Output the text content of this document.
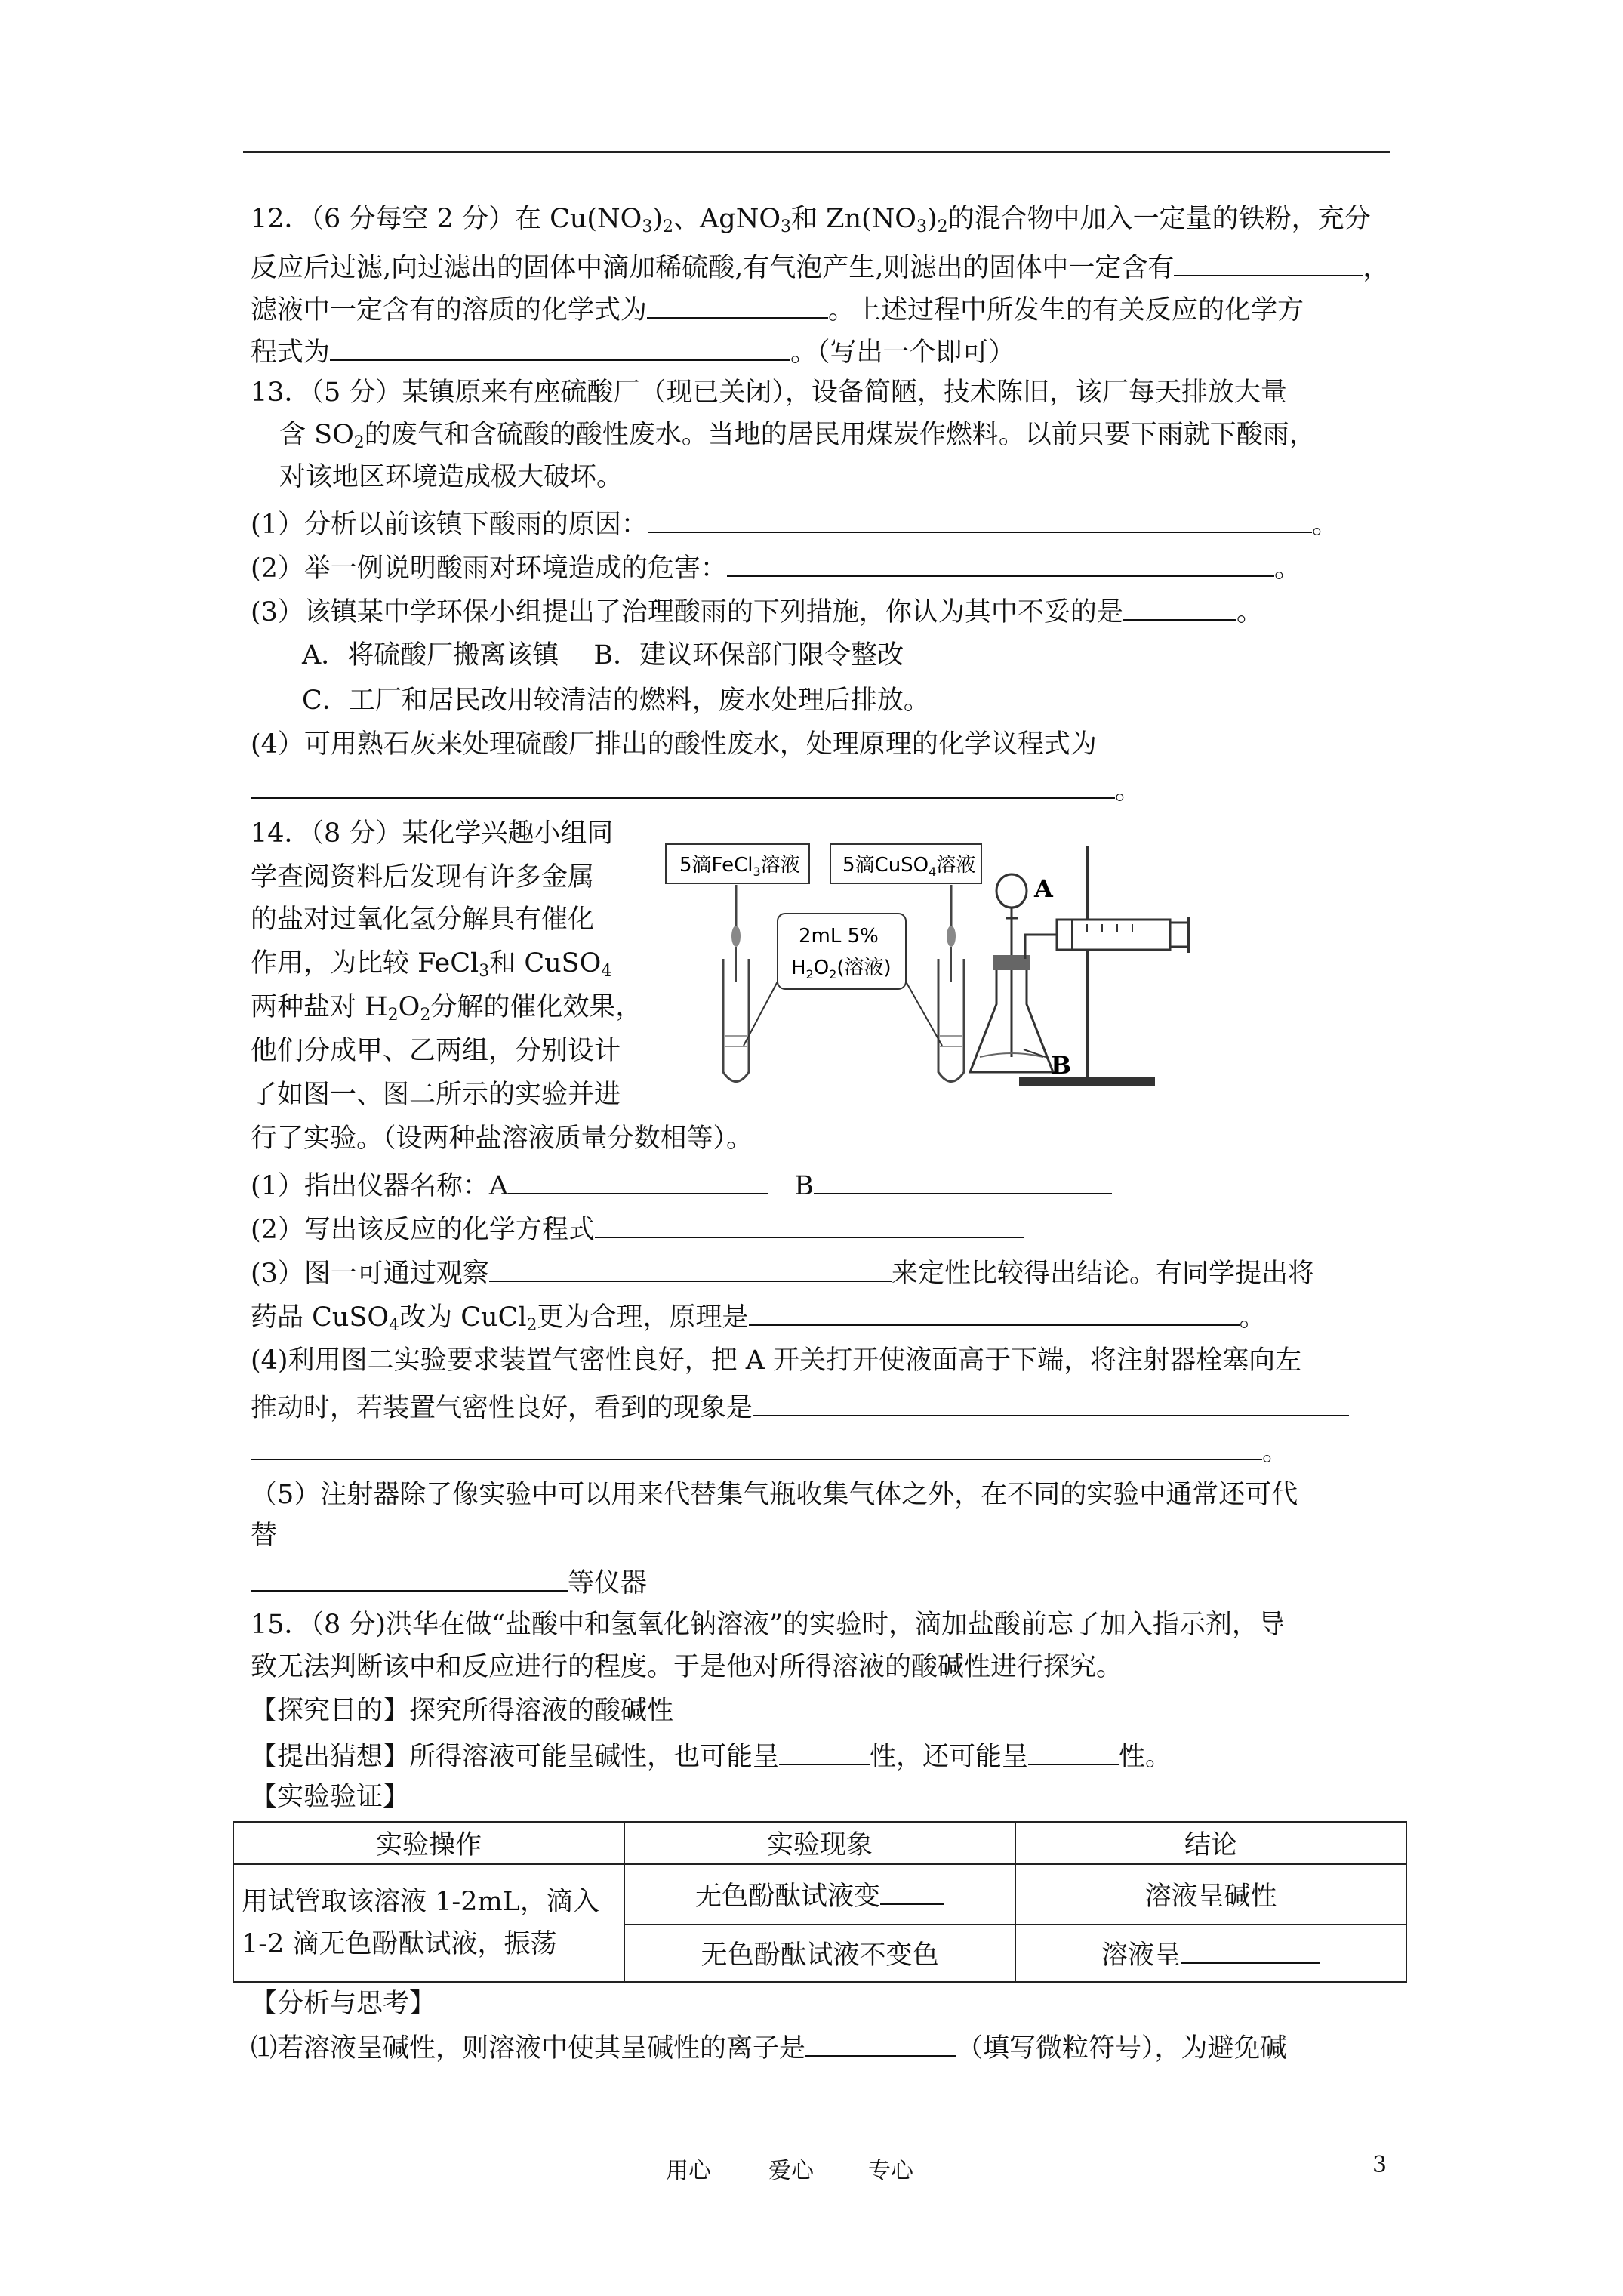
12．（6 分每空 2 分）在 $Cu(NO_3)_2$、AgNO$_3$和 $Zn(NO_3)_2$的混合物中加入一定量的铁粉，充分
反应后过滤,向过滤出的固体中滴加稀硫酸,有气泡产生,则滤出的固体中一定含有	，
滤液中一定含有的溶质的化学式为	。上述过程中所发生的有关反应的化学方
程式为	。（写出一个即可）
13．（5 分）某镇原来有座硫酸厂（现已关闭），设备简陋，技术陈旧，该厂每天排放大量
含 $SO_2$的废气和含硫酸的酸性废水。当地的居民用煤炭作燃料。以前只要下雨就下酸雨，
对该地区环境造成极大破坏。
(1）分析以前该镇下酸雨的原因：	。
(2）举一例说明酸雨对环境造成的危害：	。
(3）该镇某中学环保小组提出了治理酸雨的下列措施，你认为其中不妥的是	。
A．将硫酸厂搬离该镇　 B．建议环保部门限令整改
C．工厂和居民改用较清洁的燃料，废水处理后排放。
(4）可用熟石灰来处理硫酸厂排出的酸性废水，处理原理的化学议程式为
。
14．（8 分）某化学兴趣小组同
学查阅资料后发现有许多金属
的盐对过氧化氢分解具有催化
作用，为比较 FeCl$_3$和 CuSO$_4$
两种盐对 $H_2O_2$分解的催化效果，
他们分成甲、乙两组，分别设计
了如图一、图二所示的实验并进
行了实验。（设两种盐溶液质量分数相等）。
5滴FeCl$_3$溶液 5滴CuSO$_4$溶液
2mL 5%
$H_2O_2$(溶液)
A
B
(1）指出仪器名称：A	B
(2）写出该反应的化学方程式
(3）图一可通过观察	来定性比较得出结论。有同学提出将
药品 CuSO$_4$改为 CuCl$_2$更为合理，原理是	。
(4)利用图二实验要求装置气密性良好，把 A 开关打开使液面高于下端，将注射器栓塞向左
推动时，若装置气密性良好，看到的现象是
。
（5）注射器除了像实验中可以用来代替集气瓶收集气体之外，在不同的实验中通常还可代
替
等仪器
15．（8 分)洪华在做“盐酸中和氢氧化钠溶液”的实验时，滴加盐酸前忘了加入指示剂，导
致无法判断该中和反应进行的程度。于是他对所得溶液的酸碱性进行探究。
【探究目的】探究所得溶液的酸碱性
【提出猜想】所得溶液可能呈碱性，也可能呈	性，还可能呈	性。
【实验验证】
实验操作	实验现象	结论

用试管取该溶液 1-2mL，滴入
1-2 滴无色酚酞试液，振荡	无色酚酞试液变	溶液呈碱性
	无色酚酞试液不变色	溶液呈
【分析与思考】
⑴若溶液呈碱性，则溶液中使其呈碱性的离子是	（填写微粒符号），为避免碱
用心	爱心 专心	3
